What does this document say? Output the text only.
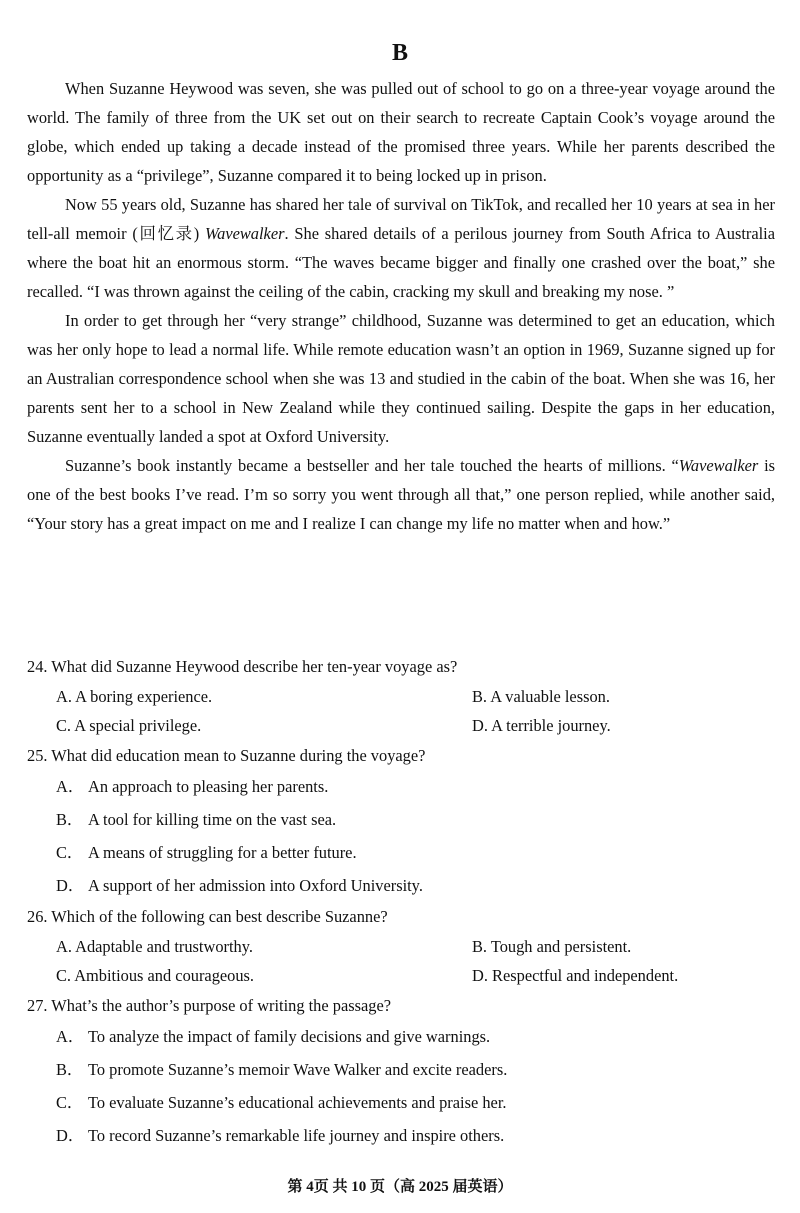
B

When Suzanne Heywood was seven, she was pulled out of school to go on a three-year voyage around the world. The family of three from the UK set out on their search to recreate Captain Cook’s voyage around the globe, which ended up taking a decade instead of the promised three years. While her parents described the opportunity as a “privilege”, Suzanne compared it to being locked up in prison.

Now 55 years old, Suzanne has shared her tale of survival on TikTok, and recalled her 10 years at sea in her tell-all memoir (回忆录) Wavewalker. She shared details of a perilous journey from South Africa to Australia where the boat hit an enormous storm. “The waves became bigger and finally one crashed over the boat,” she recalled. “I was thrown against the ceiling of the cabin, cracking my skull and breaking my nose. ”

In order to get through her “very strange” childhood, Suzanne was determined to get an education, which was her only hope to lead a normal life. While remote education wasn’t an option in 1969, Suzanne signed up for an Australian correspondence school when she was 13 and studied in the cabin of the boat. When she was 16, her parents sent her to a school in New Zealand while they continued sailing. Despite the gaps in her education, Suzanne eventually landed a spot at Oxford University.

Suzanne’s book instantly became a bestseller and her tale touched the hearts of millions. “Wavewalker is one of the best books I’ve read. I’m so sorry you went through all that,” one person replied, while another said, “Your story has a great impact on me and I realize I can change my life no matter when and how.”

24. What did Suzanne Heywood describe her ten-year voyage as?

A. A boring experience.	B. A valuable lesson.
C. A special privilege.	D. A terrible journey.

25. What did education mean to Suzanne during the voyage?

A． An approach to pleasing her parents.
B． A tool for killing time on the vast sea.
C． A means of struggling for a better future.
D． A support of her admission into Oxford University.

26. Which of the following can best describe Suzanne?

A. Adaptable and trustworthy.	B. Tough and persistent.
C. Ambitious and courageous.	D. Respectful and independent.

27. What’s the author’s purpose of writing the passage?

A． To analyze the impact of family decisions and give warnings.
B． To promote Suzanne’s memoir Wave Walker and excite readers.
C． To evaluate Suzanne’s educational achievements and praise her.
D． To record Suzanne’s remarkable life journey and inspire others.
第 4页 共 10 页（高 2025 届英语）
